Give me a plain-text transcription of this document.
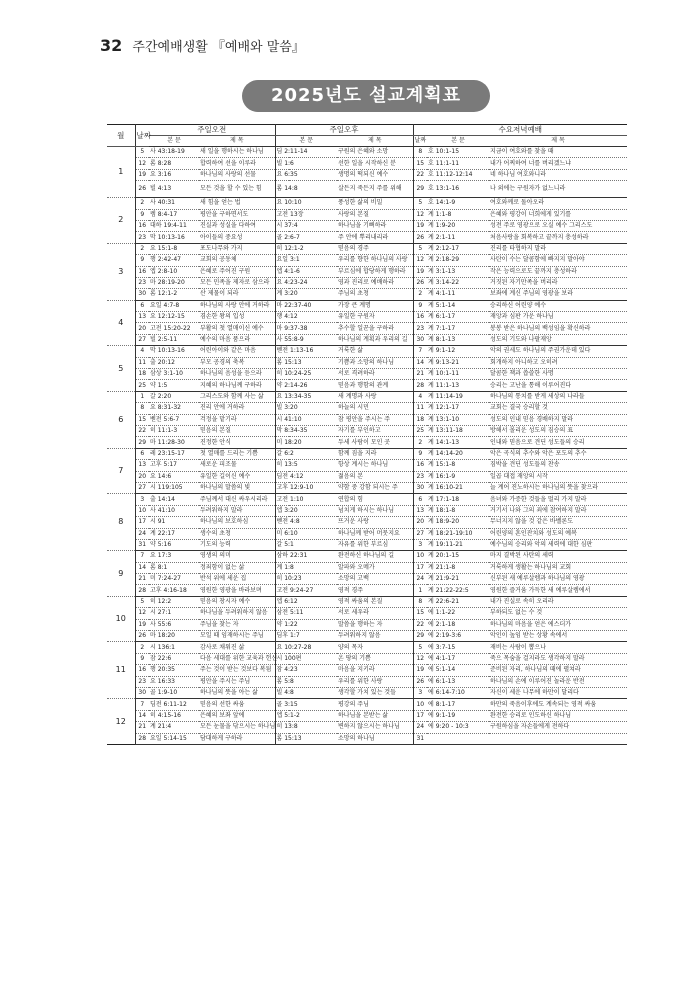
32 주간예배생활 『예배와 말씀』
2025년도 설교계획표
월	날짜	주일오전		주일오후		수요저녁예배		
		본 문	제 목	본 문	제 목	날짜	본 문	제 목
1	5	사 43:18-19	새 일을 행하시는 하나님	딤 2:11-14	구원의 은혜와 소망	8	호 10:1-15	지금이 여호와를 찾을 때
	12	롬 8:28	합력하여 선을 이루라	빌 1:6	선한 일을 시작하신 분	15	호 11:1-11	내가 어찌하여 너를 버리겠느냐
	19	요 3:16	하나님의 사랑의 선물	요 6:35	생명의 떡되신 예수	22	호 11:12-12:14	네 하나님 여호와니라
	26	빌 4:13	모든 것을 할 수 있는 힘	롬 14:8	살든지 죽든지 주를 위해	29	호 13:1-16	나 외에는 구원자가 없느니라
2	2	사 40:31	새 힘을 얻는 법	요 10:10	풍성한 삶의 비밀	5	호 14:1-9	여호와께로 돌아오라
	9	렘 8:4-17	평안을 구하면서도	고전 13장	사랑의 본질	12	계 1:1-8	은혜와 평강이 너희에게 있기를
	16	대하 19:4-11	진실과 성실을 다하여	시 37:4	하나님을 기뻐하라	19	계 1:9-20	성전 주로 영광으로 오실 예수 그리스도
	23	막 10:13-16	아이들의 중요성	골 2:6-7	주 안에 뿌리내리라	26	계 2:1-11	처음사랑을 회복하고 끝까지 충성하라
3	2	요 15:1-8	포도나무와 가지	히 12:1-2	믿음의 경주	5	계 2:12-17	진리를 타협하지 말라
	9	행 2:42-47	교회의 공동체	요일 3:1	우리를 향한 하나님의 사랑	12	계 2:18-29	사탄이 수는 달콤함에 빠지지 말아야
	16	엡 2:8-10	은혜로 주어진 구원	엡 4:1-6	부르심에 합당하게 행하라	19	계 3:1-13	작은 능력으로도 끝까지 충성하라
	23	마 28:19-20	모든 민족을 제자로 삼으라	요 4:23-24	영과 진리로 예배하라	26	계 3:14-22	거짓된 자기만족을 버리라
	30	롬 12:1-2	산 제물이 되라	계 3:20	주님의 초청	2	계 4:1-11	보좌에 계신 주님의 영광을 보라
4	6	요일 4:7-8	하나님의 사랑 안에 거하라	마 22:37-40	가장 큰 계명	9	계 5:1-14	승리하신 어린양 예수
	13	요 12:12-15	겸손한 왕의 입성	행 4:12	유일한 구원자	16	계 6:1-17	재앙과 심판 가운 하나님
	20	고전 15:20-22	부활의 첫 열매이신 예수	마 9:37-38	추수할 일꾼을 구하라	23	계 7:1-17	봉봉 받은 하나님의 백성임을 확신하라
	27	빌 2:5-11	예수의 마음 품으라	사 55:8-9	하나님의 계획과 우리의 길	30	계 8:1-13	성도의 기도와 나팔재앙
5	4	막 10:13-16	어린아이와 같은 마음	벧전 1:13-16	거룩한 삶	7	계 9:1-12	악의 권세도 하나님의 주권가운데 있다
	11	출 20:12	부모 공경의 축복	롬 15:13	기쁨과 소망의 하나님	14	계 9:13-21	회개하지 아니하고 오히려
	18	삼상 3:1-10	하나님의 음성을 듣으라	히 10:24-25	서로 격려하라	21	계 10:1-11	달콤한 책과 씁쓸한 사명
	25	약 1:5	지혜의 하나님께 구하라	약 2:14-26	믿음과 행함의 관계	28	계 11:1-13	승리는 고난을 통해 이루어진다
6	1	갈 2:20	그리스도와 함께 사는 삶	요 13:34-35	새 계명과 사랑	4	계 11:14-19	하나님의 통치를 받게 세상의 나라들
	8	요 8:31-32	진리 안에 거하라	빌 3:20	하늘의 시민	11	계 12:1-17	교회는 결국 승리할 것
	15	벧전 5:6-7	걱정을 맡기라	시 41:10	참 평안을 주시는 주	18	계 13:1-10	성도의 인내 믿음 경배하지 말라
	22	히 11:1-3	믿음의 본질	막 8:34-35	자기를 부인하고	25	계 13:11-18	방해서 몰리운 성도의 짐승의 표
	29	마 11:28-30	진정한 안식	미 18:20	두세 사람이 모인 곳	2	계 14:1-13	인내와 믿음으로 견딘 성도들의 승리
7	6	레 23:15-17	첫 열매를 드리는 기쁨	갈 6:2	함께 짐을 지라	9	계 14:14-20	악은 곡식의 추수와 악은 포도의 추수
	13	고후 5:17	새로운 피조물	히 13:5	항상 계시는 하나님	16	계 15:1-8	짐박을 견딘 성도들의 찬송
	20	요 14:6	유일한 길이신 예수	딤전 4:12	젊음의 본	23	계 16:1-9	일곱 대접 재앙의 시작
	27	시 119:105	하나님의 말씀의 빛	고후 12:9-10	약함 중 강함 되시는 주	30	계 16:10-21	늘 계어 진노하시는 하나님의 뜻을 찾으라
8	3	출 14:14	주님께서 대신 싸우시리라	고전 1:10	연합의 힘	6	계 17:1-18	음녀와 가증한 것들을 멀리 가지 말라
	10	사 41:10	두려워하지 말라	엡 3:20	넘치게 하시는 하나님	13	계 18:1-8	거기서 나와 그의 죄에 참여하지 말라
	17	시 91	하나님의 보호하심	벧전 4:8	뜨거운 사랑	20	계 18:9-20	무너지지 않을 것 같은 바벨론도
	24	계 22:17	생수의 초청	미 6:10	하나님께 받어 머뭇지요	27	계 18:21-19:10	어린양의 혼인잔치와 성도의 예복
	31	약 5:16	기도의 능력	갈 5:1	자유를 위한 부르심	3	계 19:11-21	예수님의 승리와 악의 세력에 대한 심판
9	7	요 17:3	영생의 의미	삼하 22:31	완전하신 하나님의 길	10	계 20:1-15	마지 결박된 사탄의 세력
	14	롬 8:1	정죄함이 없는 삶	계 1:8	알파와 오메가	17	계 21:1-8	거룩하게 생활는 하나님의 교회
	21	미 7:24-27	반석 위에 세운 집	히 10:23	소망의 고백	24	계 21:9-21	신부된 새 예루살렘과 하나님의 영광
	28	고후 4:16-18	영원한 영광을 바라보며	고전 9:24-27	영적 경주	1	계 21:22-22:5	영원한 즐거움 가득한 새 예루살렘에서
10	5	히 12:2	믿음의 창시자 예수	엡 6:12	영적 싸움의 본질	8	계 22:6-21	내가 진실로 속히 오리라
	12	시 27:1	하나님을 두려워하지 않음	삼전 5:11	서로 세우라	15	에 1:1-22	부하되도 없는 수 것
	19	사 55:6	주님을 찾는 자	약 1:22	말씀을 행하는 자	22	에 2:1-18	하나님의 마음을 얻은 에스더가
	26	마 18:20	모일 때 임재하시는 주님	딤후 1:7	두려워하지 않음	29	에 2:19-3:6	악인이 높임 받는 상황 속에서
11	2	시 136:1	감사로 채워진 삶	요 10:27-28	양의 목자	5	에 3:7-15	재비는 사람이 뽑으나
	9	잠 22:6	다음 세대를 위한 교육과 헌신	시 100편	온 땅의 기쁨	12	에 4:1-17	죽으 목숨을 걸지라도 생각하지 말라
	16	행 20:35	주는 것이 받는 것보다 복됨	잠 4:23	마음을 지키라	19	에 5:1-14	준비된 자리, 하나님의 때에 펼쳐라
	23	요 16:33	평안을 주시는 주님	롬 5:8	우리를 위한 사랑	26	에 6:1-13	하나님의 손에 이루어진 놀라운 반전
	30	골 1:9-10	하나님의 뜻을 아는 삶	빌 4:8	생각할 가치 있는 것들	3	에 6:14-7:10	자신이 세운 나무에 하만이 달리다
12	7	딤전 6:11-12	믿음의 선한 싸움	골 3:15	평강의 주님	10	에 8:1-17	하만의 죽음이후에도 계속되는 영적 싸움
	14	히 4:15-16	은혜의 보좌 앞에	엡 5:1-2	하나님을 본받는 삶	17	에 9:1-19	완전한 승리로 인도하신 하나님
	21	계 21:4	모든 눈물을 닦으시는 하나님	히 13:8	변하지 않으시는 하나님	24	에 9:20 - 10:3	구원하심을 자손들에게 전하다
	28	요일 5:14-15	담대하게 구하라	롬 15:13	소망의 하나님	31		
